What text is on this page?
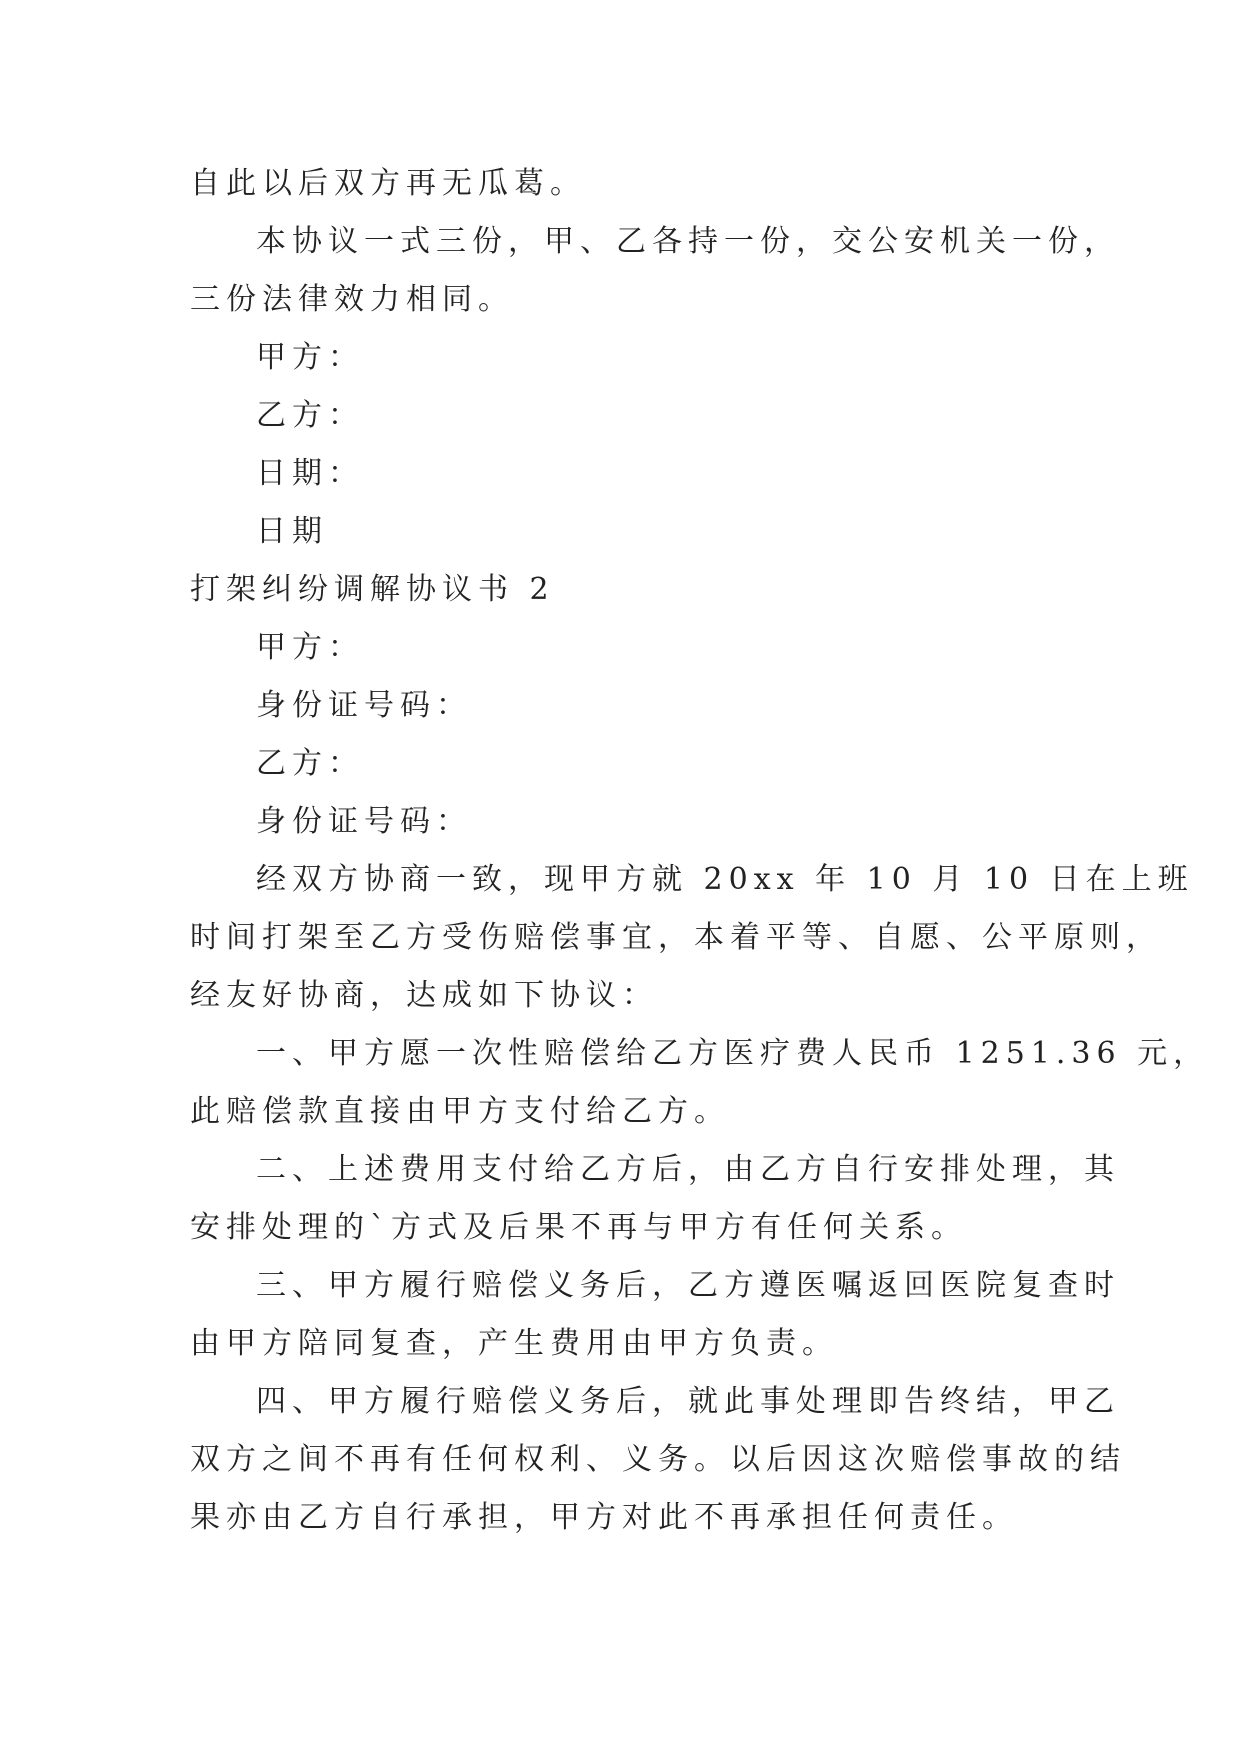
自此以后双方再无瓜葛。
本协议一式三份，甲、乙各持一份，交公安机关一份，
三份法律效力相同。
甲方：
乙方：
日期：
日期
打架纠纷调解协议书 2
甲方：
身份证号码：
乙方：
身份证号码：
经双方协商一致，现甲方就 20xx 年 10 月 10 日在上班
时间打架至乙方受伤赔偿事宜，本着平等、自愿、公平原则，
经友好协商，达成如下协议：
一、甲方愿一次性赔偿给乙方医疗费人民币 1251.36 元，
此赔偿款直接由甲方支付给乙方。
二、上述费用支付给乙方后，由乙方自行安排处理，其
安排处理的`方式及后果不再与甲方有任何关系。
三、甲方履行赔偿义务后，乙方遵医嘱返回医院复查时
由甲方陪同复查，产生费用由甲方负责。
四、甲方履行赔偿义务后，就此事处理即告终结，甲乙
双方之间不再有任何权利、义务。以后因这次赔偿事故的结
果亦由乙方自行承担，甲方对此不再承担任何责任。
